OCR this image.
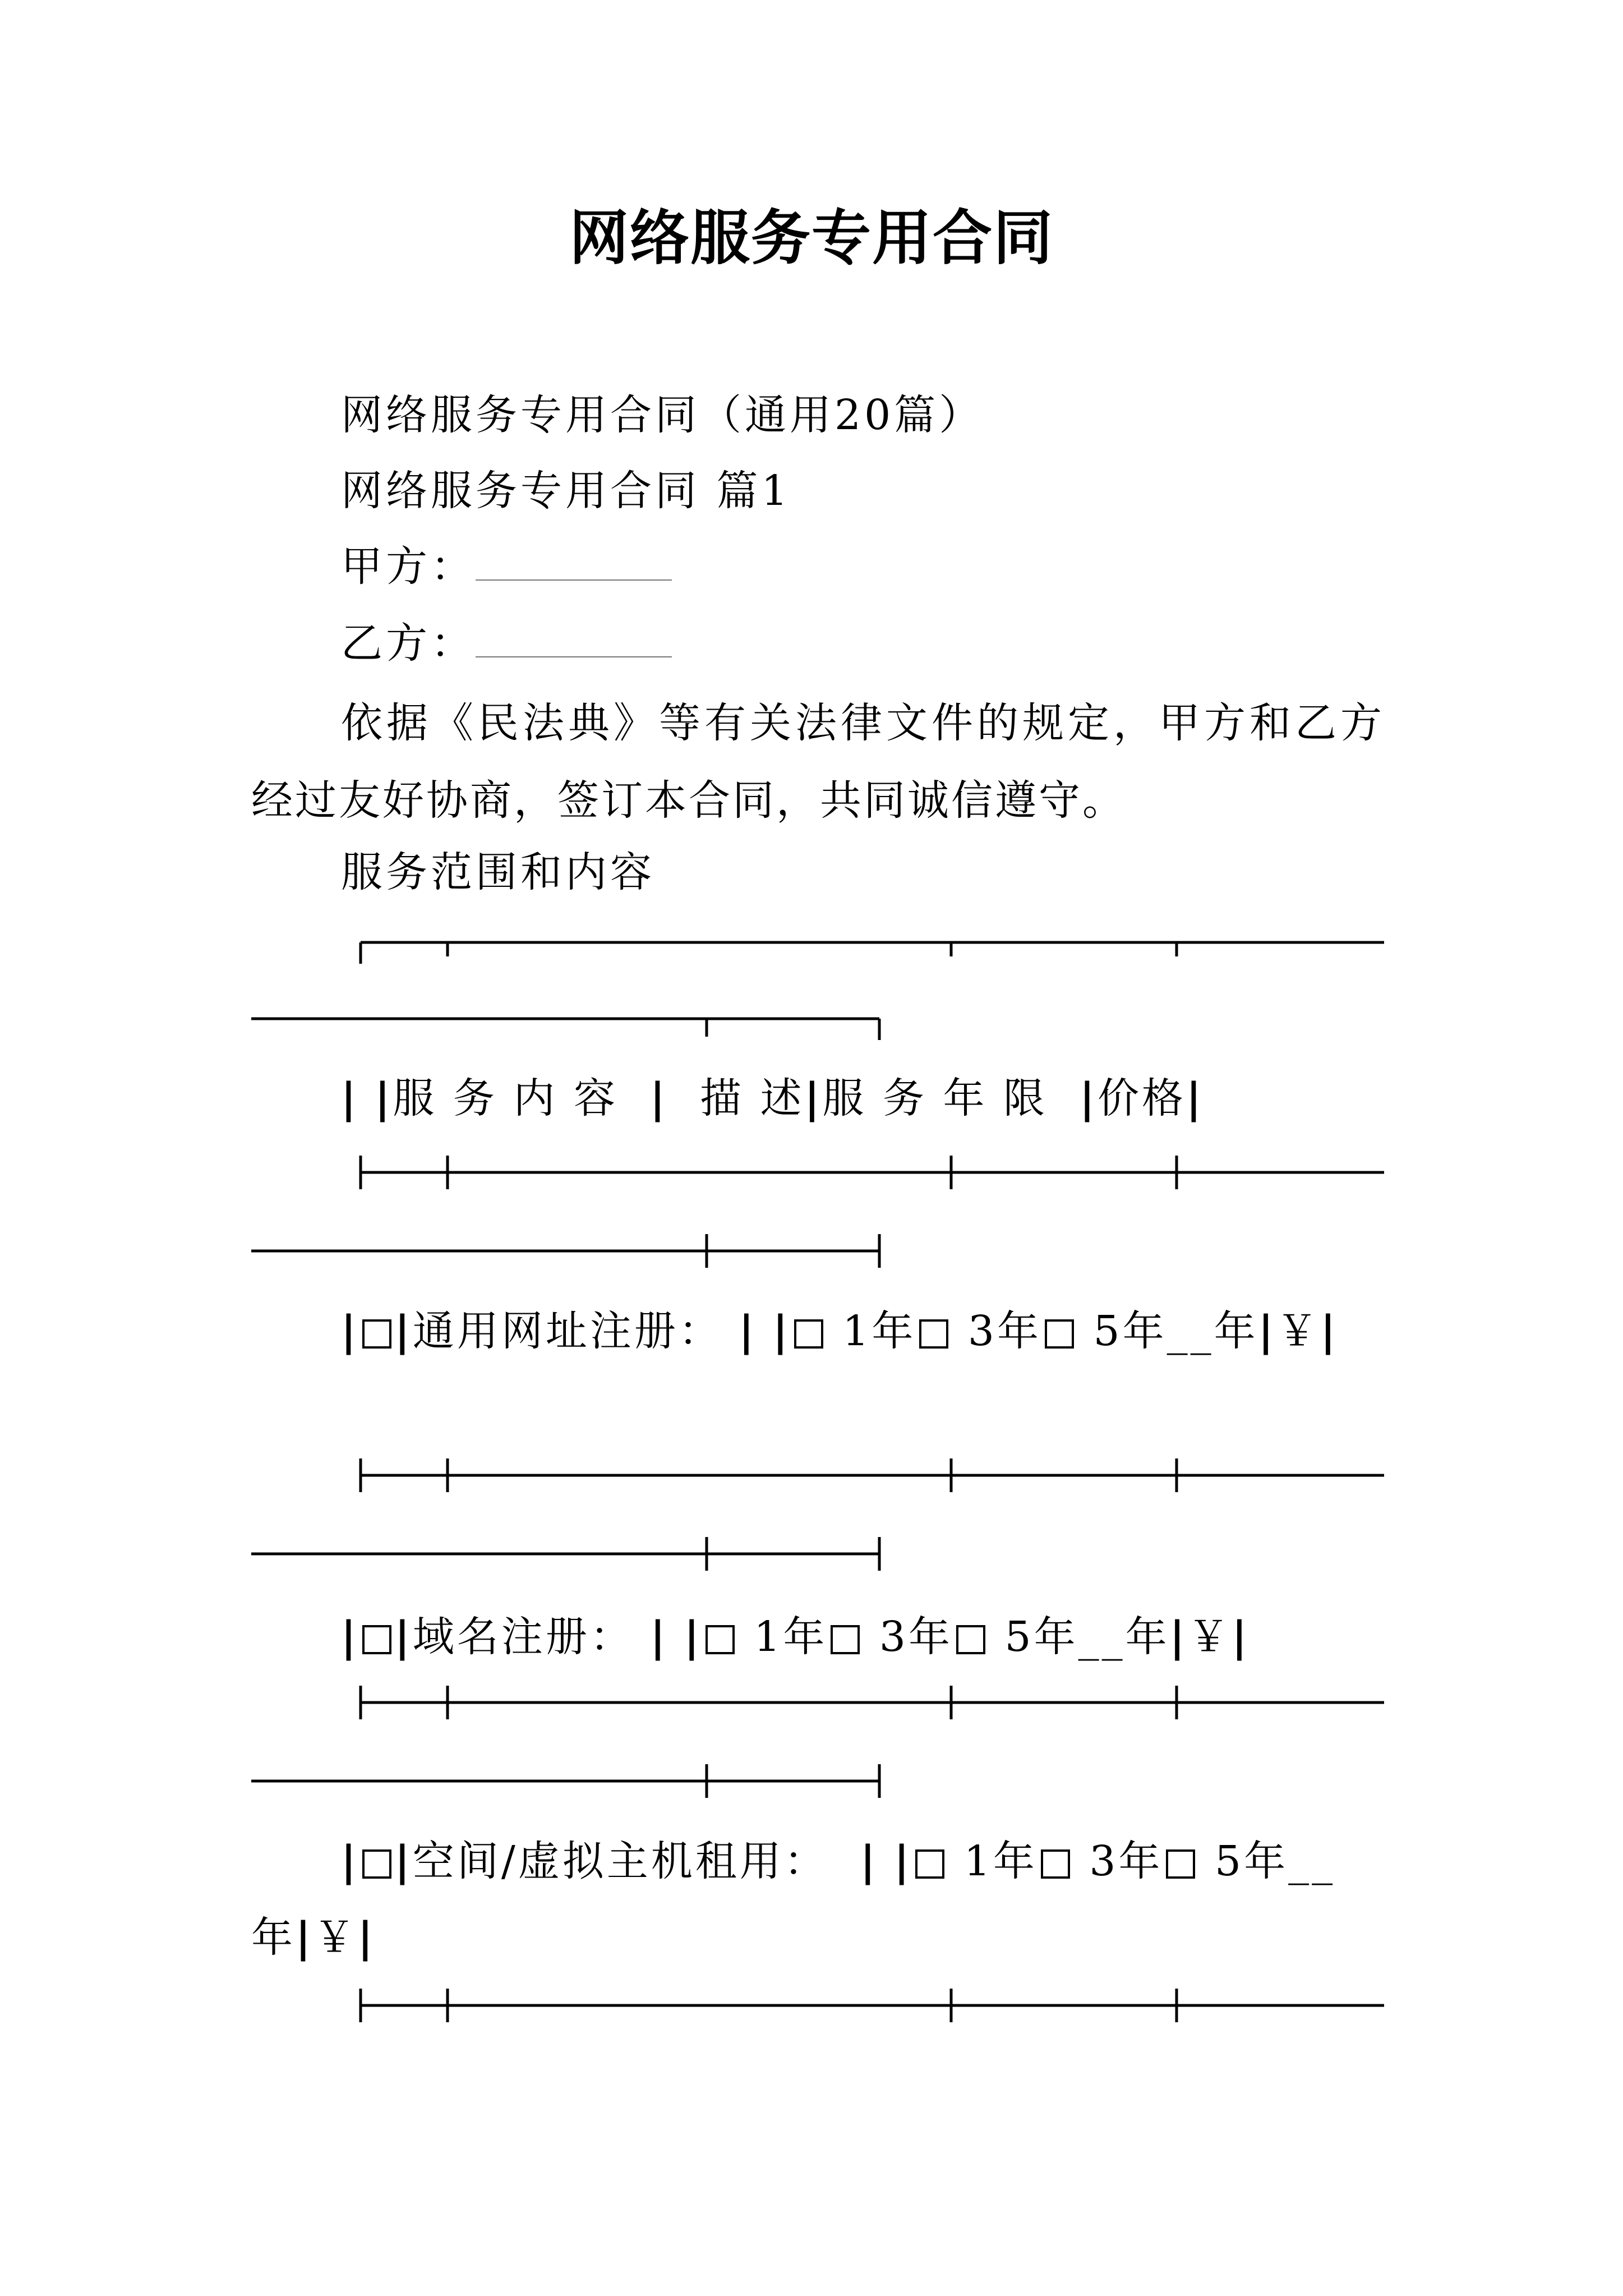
网络服务专用合同
网络服务专用合同（通用20篇）
网络服务专用合同 篇1
甲方：
乙方：
依据《民法典》等有关法律文件的规定，甲方和乙方经过友好协商，签订本合同，共同诚信遵守。
服务范围和内容
| |服 务 内 容 | 描 述|服 务 年 限 |价格|
| |通用网址注册： | | 1年 3年 5年__年|￥|
| |域名注册： | | 1年 3年 5年__年|￥|
| |空间/虚拟主机租用： | | 1年 3年 5年__年|￥|
